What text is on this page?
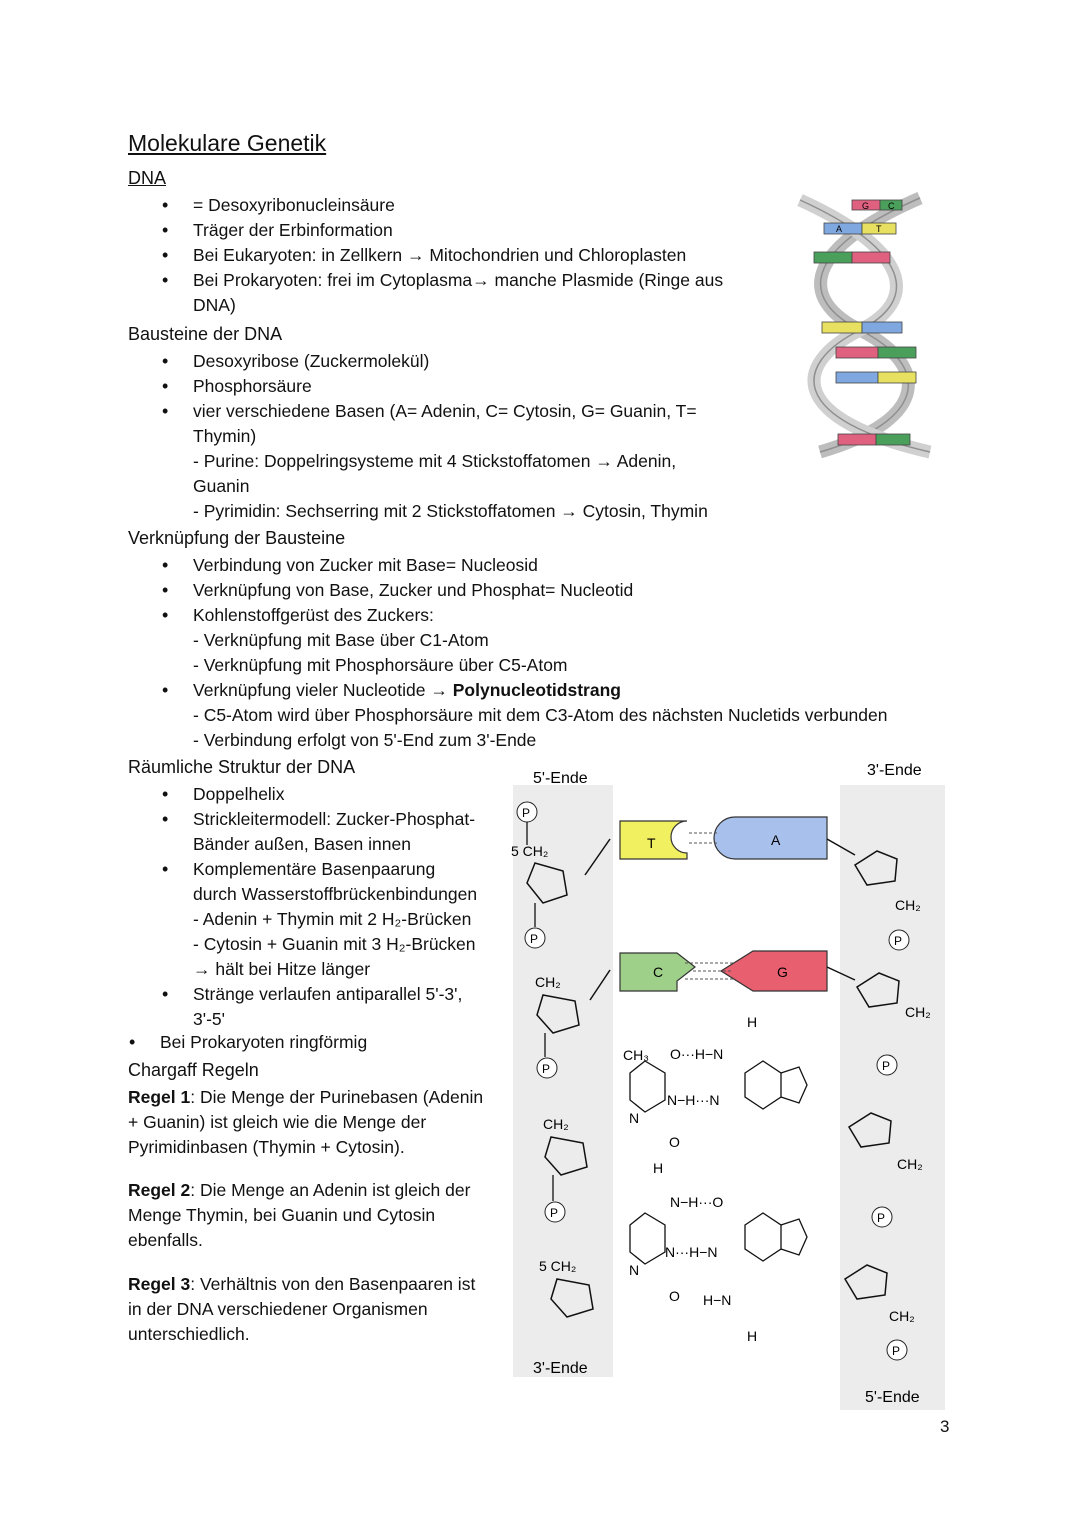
Molekulare Genetik
DNA
• = Desoxyribonucleinsäure
• Träger der Erbinformation
• Bei Eukaryoten: in Zellkern → Mitochondrien und Chloroplasten
• Bei Prokaryoten: frei im Cytoplasma→ manche Plasmide (Ringe aus
DNA)
Bausteine der DNA
• Desoxyribose (Zuckermolekül)
• Phosphorsäure
• vier verschiedene Basen (A= Adenin, C= Cytosin, G= Guanin, T=
Thymin)
- Purine: Doppelringsysteme mit 4 Stickstoffatomen → Adenin,
Guanin
- Pyrimidin: Sechserring mit 2 Stickstoffatomen → Cytosin, Thymin
Verknüpfung der Bausteine
• Verbindung von Zucker mit Base= Nucleosid
• Verknüpfung von Base, Zucker und Phosphat= Nucleotid
• Kohlenstoffgerüst des Zuckers:
- Verknüpfung mit Base über C1-Atom
- Verknüpfung mit Phosphorsäure über C5-Atom
• Verknüpfung vieler Nucleotide → Polynucleotidstrang
- C5-Atom wird über Phosphorsäure mit dem C3-Atom des nächsten Nucletids verbunden
- Verbindung erfolgt von 5'-End zum 3'-Ende
Räumliche Struktur der DNA
• Doppelhelix
• Strickleitermodell: Zucker-Phosphat-
Bänder außen, Basen innen
• Komplementäre Basenpaarung
durch Wasserstoffbrückenbindungen
- Adenin + Thymin mit 2 H₂-Brücken
- Cytosin + Guanin mit 3 H₂-Brücken
→ hält bei Hitze länger
• Stränge verlaufen antiparallel 5'-3',
3'-5'
• Bei Prokaryoten ringförmig
Chargaff Regeln
Regel 1: Die Menge der Purinebasen (Adenin
+ Guanin) ist gleich wie die Menge der
Pyrimidinbasen (Thymin + Cytosin).
Regel 2: Die Menge an Adenin ist gleich der
Menge Thymin, bei Guanin und Cytosin
ebenfalls.
Regel 3: Verhältnis von den Basenpaaren ist
in der DNA verschiedener Organismen
unterschiedlich.
G C
A	T
5'-Ende
3'-Ende
3'-Ende
5'-Ende
T	A
C	G
P
5 CH₂
P
CH₂
P
CH₂
P
5 CH₂
CH₂
P
CH₂
P
CH₂
P
CH₂
P
CH₃ O···H−N
H
N−H···N
N
O
H
N−H···O
N···H−N
N
O H−N
H
3
